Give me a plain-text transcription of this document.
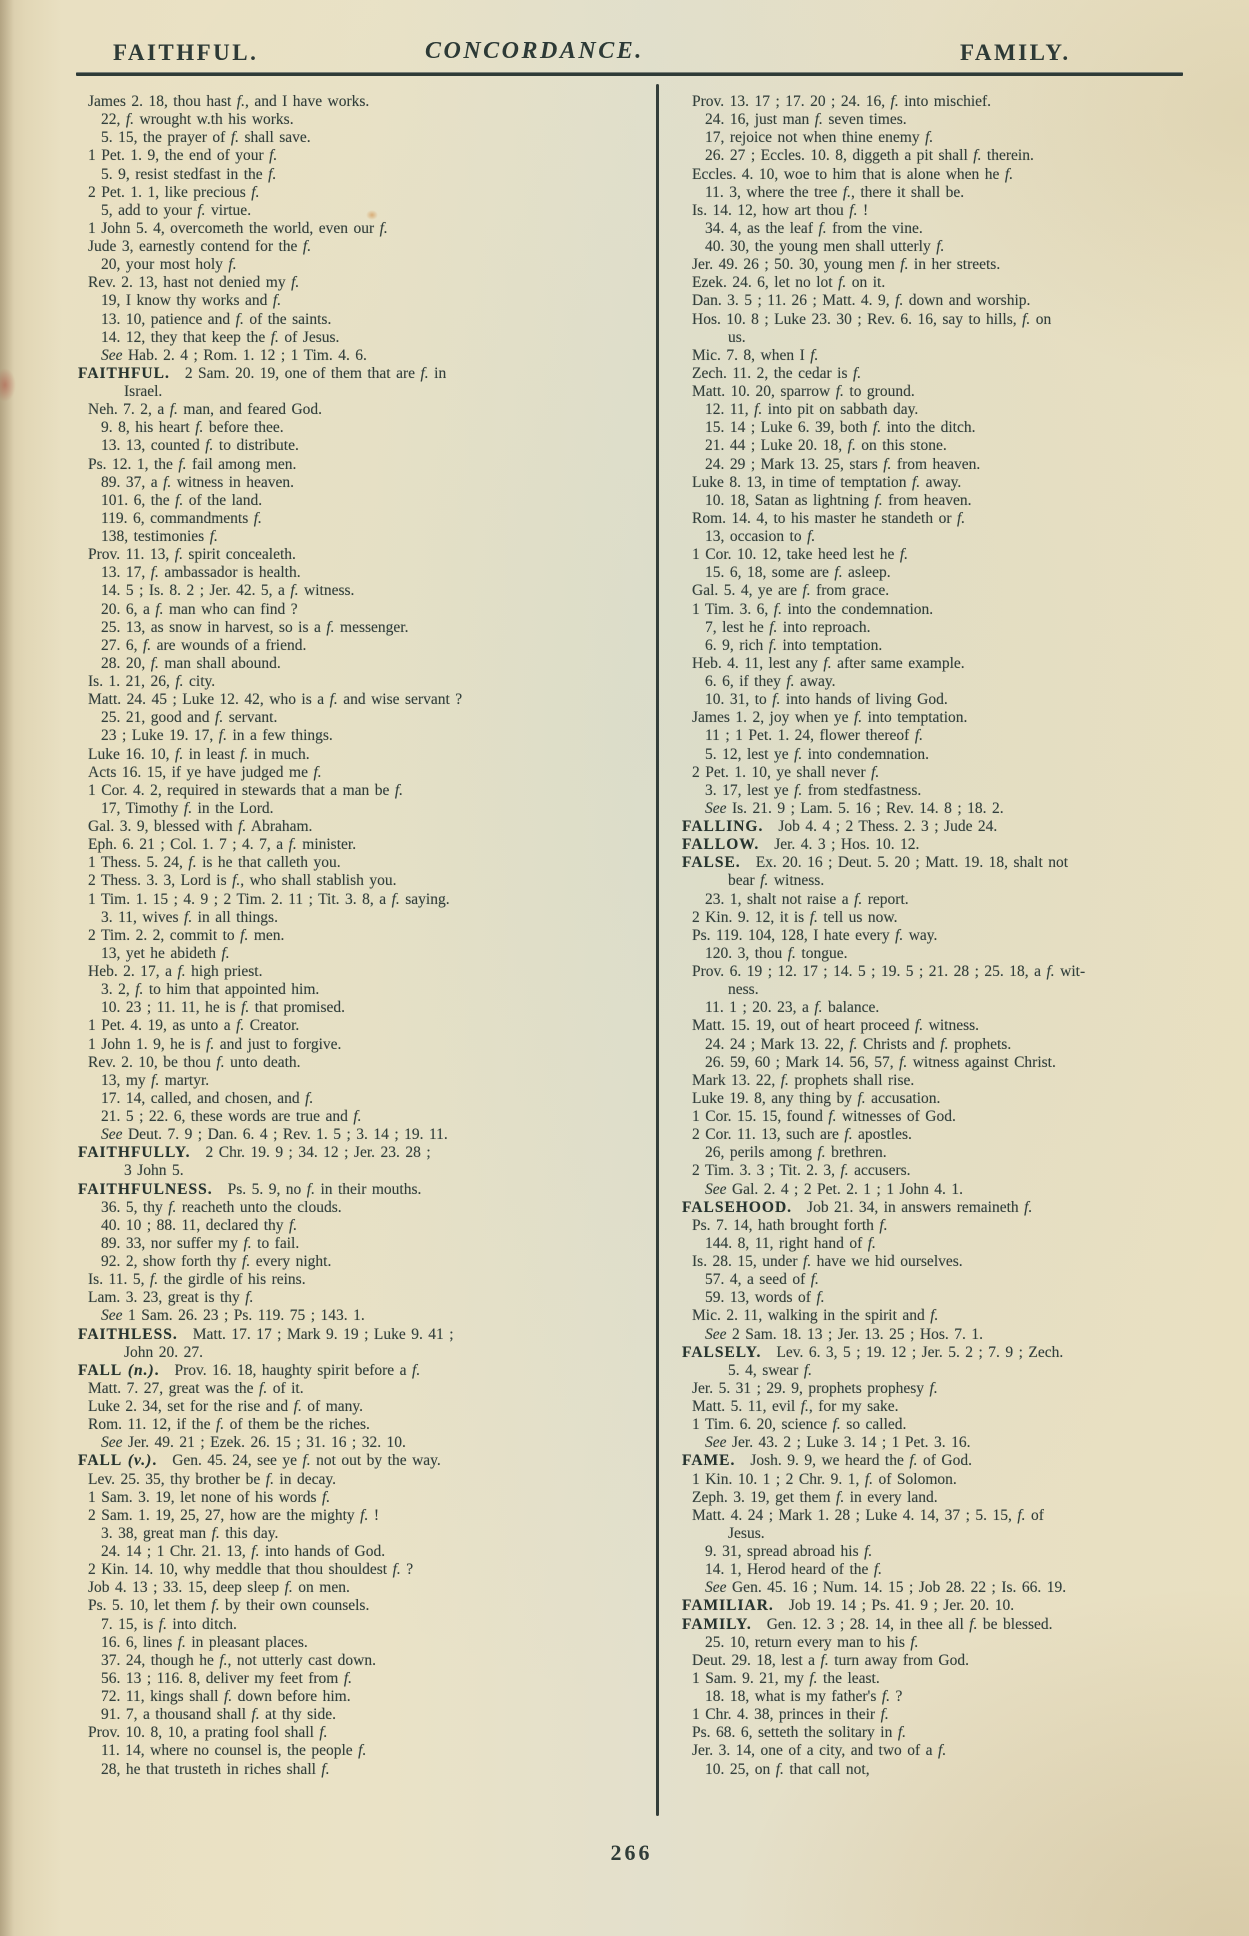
FAITHFUL.	CONCORDANCE.	FAMILY.
James 2. 18, thou hast f., and I have works.
22, f. wrought w.th his works.
5. 15, the prayer of f. shall save.
1 Pet. 1. 9, the end of your f.
5. 9, resist stedfast in the f.
2 Pet. 1. 1, like precious f.
5, add to your f. virtue.
1 John 5. 4, overcometh the world, even our f.
Jude 3, earnestly contend for the f.
20, your most holy f.
Rev. 2. 13, hast not denied my f.
19, I know thy works and f.
13. 10, patience and f. of the saints.
14. 12, they that keep the f. of Jesus.
See Hab. 2. 4 ; Rom. 1. 12 ; 1 Tim. 4. 6.
FAITHFUL. 2 Sam. 20. 19, one of them that are f. in
Israel.
Neh. 7. 2, a f. man, and feared God.
9. 8, his heart f. before thee.
13. 13, counted f. to distribute.
Ps. 12. 1, the f. fail among men.
89. 37, a f. witness in heaven.
101. 6, the f. of the land.
119. 6, commandments f.
138, testimonies f.
Prov. 11. 13, f. spirit concealeth.
13. 17, f. ambassador is health.
14. 5 ; Is. 8. 2 ; Jer. 42. 5, a f. witness.
20. 6, a f. man who can find ?
25. 13, as snow in harvest, so is a f. messenger.
27. 6, f. are wounds of a friend.
28. 20, f. man shall abound.
Is. 1. 21, 26, f. city.
Matt. 24. 45 ; Luke 12. 42, who is a f. and wise servant ?
25. 21, good and f. servant.
23 ; Luke 19. 17, f. in a few things.
Luke 16. 10, f. in least f. in much.
Acts 16. 15, if ye have judged me f.
1 Cor. 4. 2, required in stewards that a man be f.
17, Timothy f. in the Lord.
Gal. 3. 9, blessed with f. Abraham.
Eph. 6. 21 ; Col. 1. 7 ; 4. 7, a f. minister.
1 Thess. 5. 24, f. is he that calleth you.
2 Thess. 3. 3, Lord is f., who shall stablish you.
1 Tim. 1. 15 ; 4. 9 ; 2 Tim. 2. 11 ; Tit. 3. 8, a f. saying.
3. 11, wives f. in all things.
2 Tim. 2. 2, commit to f. men.
13, yet he abideth f.
Heb. 2. 17, a f. high priest.
3. 2, f. to him that appointed him.
10. 23 ; 11. 11, he is f. that promised.
1 Pet. 4. 19, as unto a f. Creator.
1 John 1. 9, he is f. and just to forgive.
Rev. 2. 10, be thou f. unto death.
13, my f. martyr.
17. 14, called, and chosen, and f.
21. 5 ; 22. 6, these words are true and f.
See Deut. 7. 9 ; Dan. 6. 4 ; Rev. 1. 5 ; 3. 14 ; 19. 11.
FAITHFULLY. 2 Chr. 19. 9 ; 34. 12 ; Jer. 23. 28 ;
3 John 5.
FAITHFULNESS. Ps. 5. 9, no f. in their mouths.
36. 5, thy f. reacheth unto the clouds.
40. 10 ; 88. 11, declared thy f.
89. 33, nor suffer my f. to fail.
92. 2, show forth thy f. every night.
Is. 11. 5, f. the girdle of his reins.
Lam. 3. 23, great is thy f.
See 1 Sam. 26. 23 ; Ps. 119. 75 ; 143. 1.
FAITHLESS. Matt. 17. 17 ; Mark 9. 19 ; Luke 9. 41 ;
John 20. 27.
FALL (n.). Prov. 16. 18, haughty spirit before a f.
Matt. 7. 27, great was the f. of it.
Luke 2. 34, set for the rise and f. of many.
Rom. 11. 12, if the f. of them be the riches.
See Jer. 49. 21 ; Ezek. 26. 15 ; 31. 16 ; 32. 10.
FALL (v.). Gen. 45. 24, see ye f. not out by the way.
Lev. 25. 35, thy brother be f. in decay.
1 Sam. 3. 19, let none of his words f.
2 Sam. 1. 19, 25, 27, how are the mighty f. !
3. 38, great man f. this day.
24. 14 ; 1 Chr. 21. 13, f. into hands of God.
2 Kin. 14. 10, why meddle that thou shouldest f. ?
Job 4. 13 ; 33. 15, deep sleep f. on men.
Ps. 5. 10, let them f. by their own counsels.
7. 15, is f. into ditch.
16. 6, lines f. in pleasant places.
37. 24, though he f., not utterly cast down.
56. 13 ; 116. 8, deliver my feet from f.
72. 11, kings shall f. down before him.
91. 7, a thousand shall f. at thy side.
Prov. 10. 8, 10, a prating fool shall f.
11. 14, where no counsel is, the people f.
28, he that trusteth in riches shall f.
Prov. 13. 17 ; 17. 20 ; 24. 16, f. into mischief.
24. 16, just man f. seven times.
17, rejoice not when thine enemy f.
26. 27 ; Eccles. 10. 8, diggeth a pit shall f. therein.
Eccles. 4. 10, woe to him that is alone when he f.
11. 3, where the tree f., there it shall be.
Is. 14. 12, how art thou f. !
34. 4, as the leaf f. from the vine.
40. 30, the young men shall utterly f.
Jer. 49. 26 ; 50. 30, young men f. in her streets.
Ezek. 24. 6, let no lot f. on it.
Dan. 3. 5 ; 11. 26 ; Matt. 4. 9, f. down and worship.
Hos. 10. 8 ; Luke 23. 30 ; Rev. 6. 16, say to hills, f. on
us.
Mic. 7. 8, when I f.
Zech. 11. 2, the cedar is f.
Matt. 10. 20, sparrow f. to ground.
12. 11, f. into pit on sabbath day.
15. 14 ; Luke 6. 39, both f. into the ditch.
21. 44 ; Luke 20. 18, f. on this stone.
24. 29 ; Mark 13. 25, stars f. from heaven.
Luke 8. 13, in time of temptation f. away.
10. 18, Satan as lightning f. from heaven.
Rom. 14. 4, to his master he standeth or f.
13, occasion to f.
1 Cor. 10. 12, take heed lest he f.
15. 6, 18, some are f. asleep.
Gal. 5. 4, ye are f. from grace.
1 Tim. 3. 6, f. into the condemnation.
7, lest he f. into reproach.
6. 9, rich f. into temptation.
Heb. 4. 11, lest any f. after same example.
6. 6, if they f. away.
10. 31, to f. into hands of living God.
James 1. 2, joy when ye f. into temptation.
11 ; 1 Pet. 1. 24, flower thereof f.
5. 12, lest ye f. into condemnation.
2 Pet. 1. 10, ye shall never f.
3. 17, lest ye f. from stedfastness.
See Is. 21. 9 ; Lam. 5. 16 ; Rev. 14. 8 ; 18. 2.
FALLING. Job 4. 4 ; 2 Thess. 2. 3 ; Jude 24.
FALLOW. Jer. 4. 3 ; Hos. 10. 12.
FALSE. Ex. 20. 16 ; Deut. 5. 20 ; Matt. 19. 18, shalt not
bear f. witness.
23. 1, shalt not raise a f. report.
2 Kin. 9. 12, it is f. tell us now.
Ps. 119. 104, 128, I hate every f. way.
120. 3, thou f. tongue.
Prov. 6. 19 ; 12. 17 ; 14. 5 ; 19. 5 ; 21. 28 ; 25. 18, a f. wit-
ness.
11. 1 ; 20. 23, a f. balance.
Matt. 15. 19, out of heart proceed f. witness.
24. 24 ; Mark 13. 22, f. Christs and f. prophets.
26. 59, 60 ; Mark 14. 56, 57, f. witness against Christ.
Mark 13. 22, f. prophets shall rise.
Luke 19. 8, any thing by f. accusation.
1 Cor. 15. 15, found f. witnesses of God.
2 Cor. 11. 13, such are f. apostles.
26, perils among f. brethren.
2 Tim. 3. 3 ; Tit. 2. 3, f. accusers.
See Gal. 2. 4 ; 2 Pet. 2. 1 ; 1 John 4. 1.
FALSEHOOD. Job 21. 34, in answers remaineth f.
Ps. 7. 14, hath brought forth f.
144. 8, 11, right hand of f.
Is. 28. 15, under f. have we hid ourselves.
57. 4, a seed of f.
59. 13, words of f.
Mic. 2. 11, walking in the spirit and f.
See 2 Sam. 18. 13 ; Jer. 13. 25 ; Hos. 7. 1.
FALSELY. Lev. 6. 3, 5 ; 19. 12 ; Jer. 5. 2 ; 7. 9 ; Zech.
5. 4, swear f.
Jer. 5. 31 ; 29. 9, prophets prophesy f.
Matt. 5. 11, evil f., for my sake.
1 Tim. 6. 20, science f. so called.
See Jer. 43. 2 ; Luke 3. 14 ; 1 Pet. 3. 16.
FAME. Josh. 9. 9, we heard the f. of God.
1 Kin. 10. 1 ; 2 Chr. 9. 1, f. of Solomon.
Zeph. 3. 19, get them f. in every land.
Matt. 4. 24 ; Mark 1. 28 ; Luke 4. 14, 37 ; 5. 15, f. of
Jesus.
9. 31, spread abroad his f.
14. 1, Herod heard of the f.
See Gen. 45. 16 ; Num. 14. 15 ; Job 28. 22 ; Is. 66. 19.
FAMILIAR. Job 19. 14 ; Ps. 41. 9 ; Jer. 20. 10.
FAMILY. Gen. 12. 3 ; 28. 14, in thee all f. be blessed.
25. 10, return every man to his f.
Deut. 29. 18, lest a f. turn away from God.
1 Sam. 9. 21, my f. the least.
18. 18, what is my father's f. ?
1 Chr. 4. 38, princes in their f.
Ps. 68. 6, setteth the solitary in f.
Jer. 3. 14, one of a city, and two of a f.
10. 25, on f. that call not,
266
